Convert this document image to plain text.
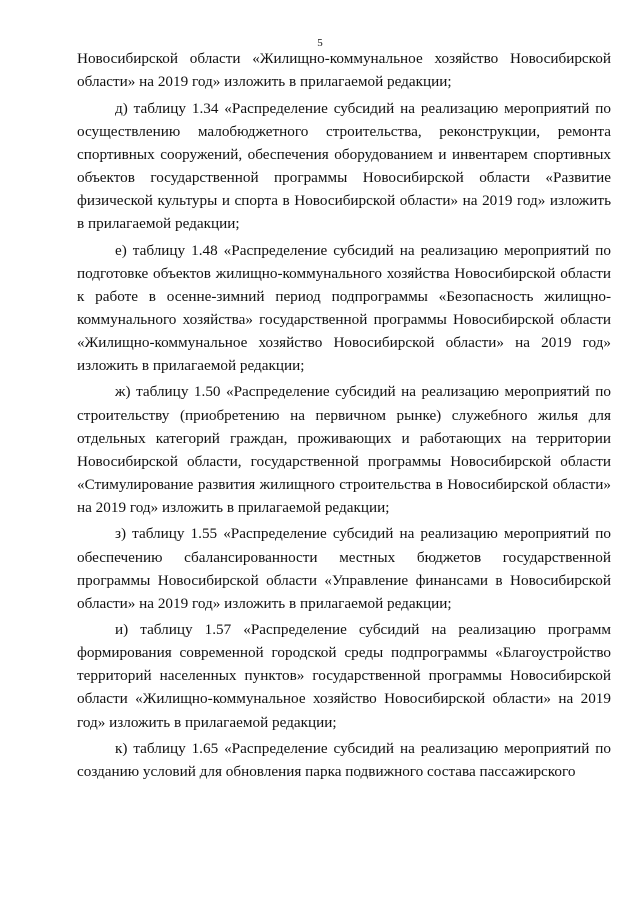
5

Новосибирской области «Жилищно-коммунальное хозяйство Новосибирской области» на 2019 год» изложить в прилагаемой редакции;

д) таблицу 1.34 «Распределение субсидий на реализацию мероприятий по осуществлению малобюджетного строительства, реконструкции, ремонта спортивных сооружений, обеспечения оборудованием и инвентарем спортивных объектов государственной программы Новосибирской области «Развитие физической культуры и спорта в Новосибирской области» на 2019 год» изложить в прилагаемой редакции;

е) таблицу 1.48 «Распределение субсидий на реализацию мероприятий по подготовке объектов жилищно-коммунального хозяйства Новосибирской области к работе в осенне-зимний период подпрограммы «Безопасность жилищно-коммунального хозяйства» государственной программы Новосибирской области «Жилищно-коммунальное хозяйство Новосибирской области» на 2019 год» изложить в прилагаемой редакции;

ж) таблицу 1.50 «Распределение субсидий на реализацию мероприятий по строительству (приобретению на первичном рынке) служебного жилья для отдельных категорий граждан, проживающих и работающих на территории Новосибирской области, государственной программы Новосибирской области «Стимулирование развития жилищного строительства в Новосибирской области» на 2019 год» изложить в прилагаемой редакции;

з) таблицу 1.55 «Распределение субсидий на реализацию мероприятий по обеспечению сбалансированности местных бюджетов государственной программы Новосибирской области «Управление финансами в Новосибирской области» на 2019 год» изложить в прилагаемой редакции;

и) таблицу 1.57 «Распределение субсидий на реализацию программ формирования современной городской среды подпрограммы «Благоустройство территорий населенных пунктов» государственной программы Новосибирской области «Жилищно-коммунальное хозяйство Новосибирской области» на 2019 год» изложить в прилагаемой редакции;

к) таблицу 1.65 «Распределение субсидий на реализацию мероприятий по созданию условий для обновления парка подвижного состава пассажирского
